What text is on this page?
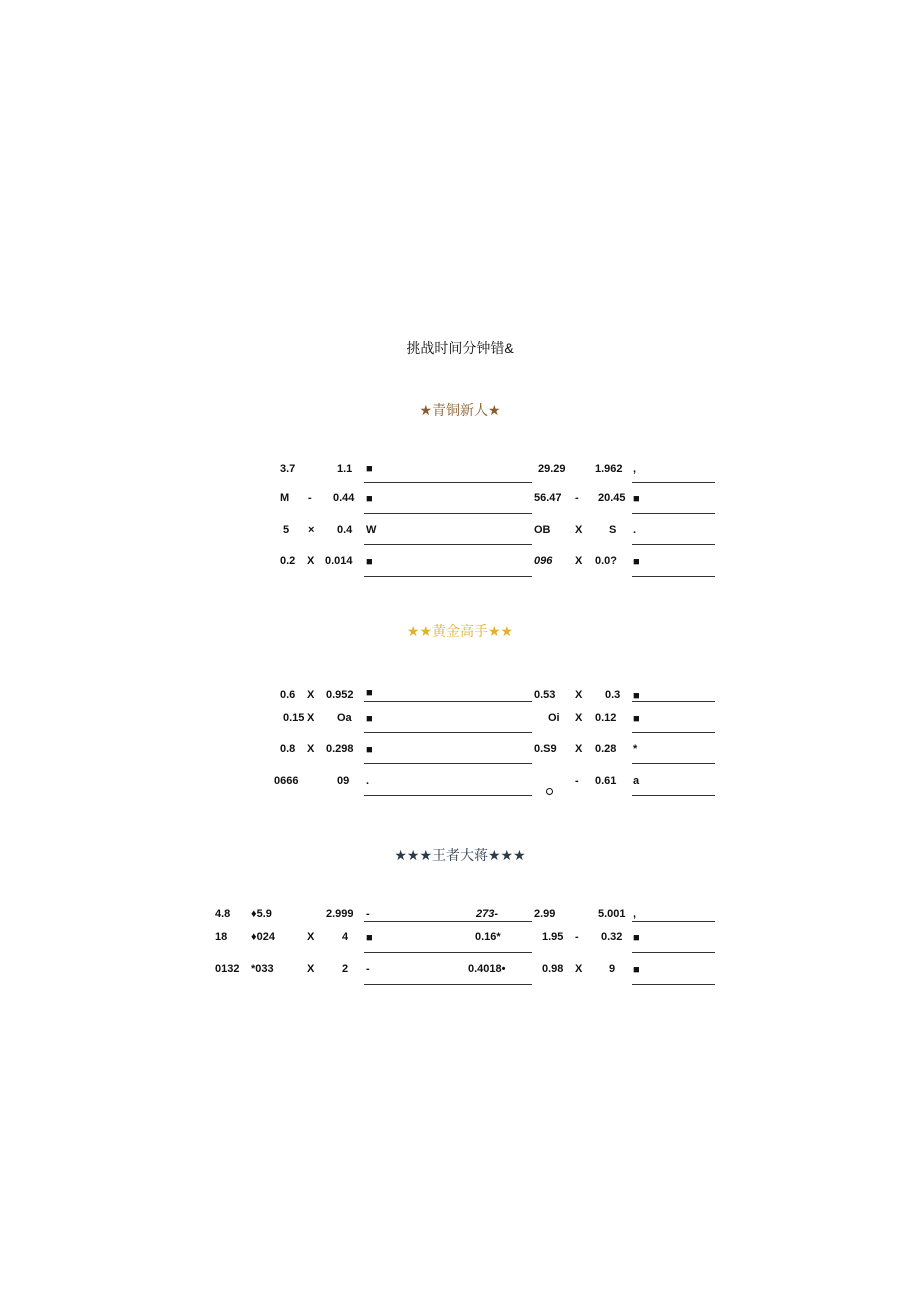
挑战时间分钟错&
★青铜新人★
3.7	1.1 ■	29.29	1.962 ,
M - 0.44 ■	56.47 - 20.45 ■
5 × 0.4 W	OB X S .
0.2 X 0.014 ■	096 X 0.0? ■
★★黄金高手★★
0.6 X 0.952 ■	0.53 X 0.3 ■
0.15 X Oa ■	Oi X 0.12 ■
0.8 X 0.298 ■	0.S9 X 0.28 *
0666	09 .	- 0.61 a
★★★王者大蒋★★★
4.8 ♦5.9	2.999 -	273-	2.99	5.001 ,
18 ♦024	X	4 ■	0.16*	1.95 - 0.32 ■
0132 *033	X	2 -	0.4018•	0.98 X 9 ■
